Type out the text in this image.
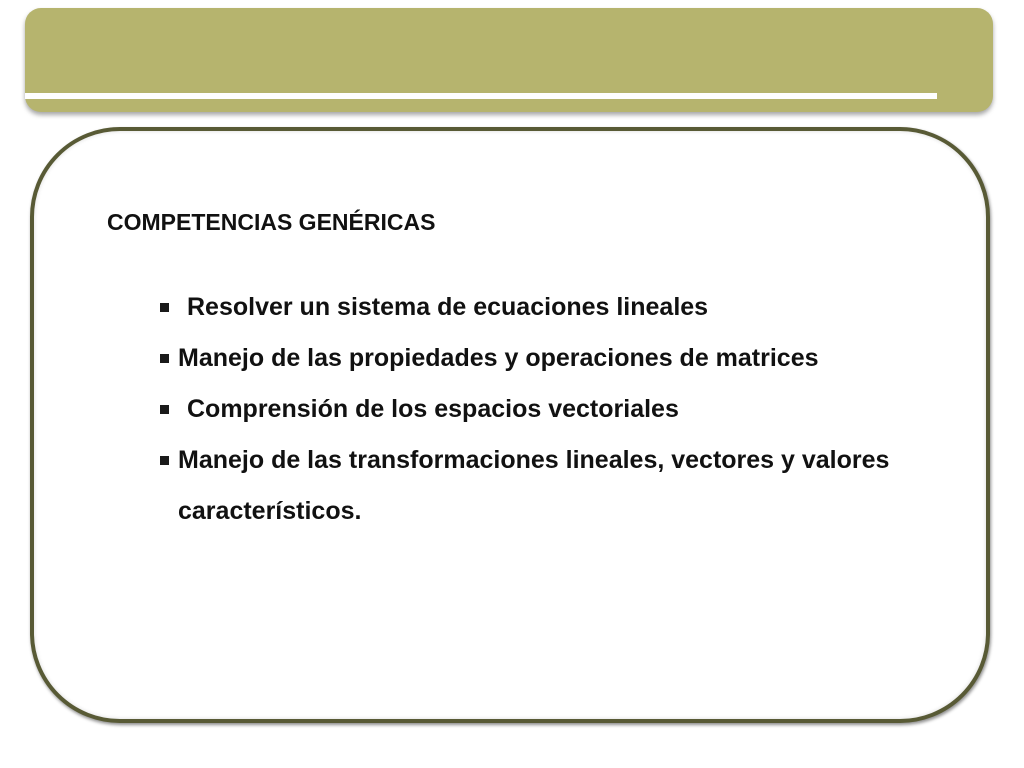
COMPETENCIAS GENÉRICAS
Resolver un sistema de ecuaciones lineales
Manejo de las propiedades y operaciones de matrices
Comprensión de los espacios vectoriales
Manejo de las transformaciones lineales, vectores y valores característicos.
